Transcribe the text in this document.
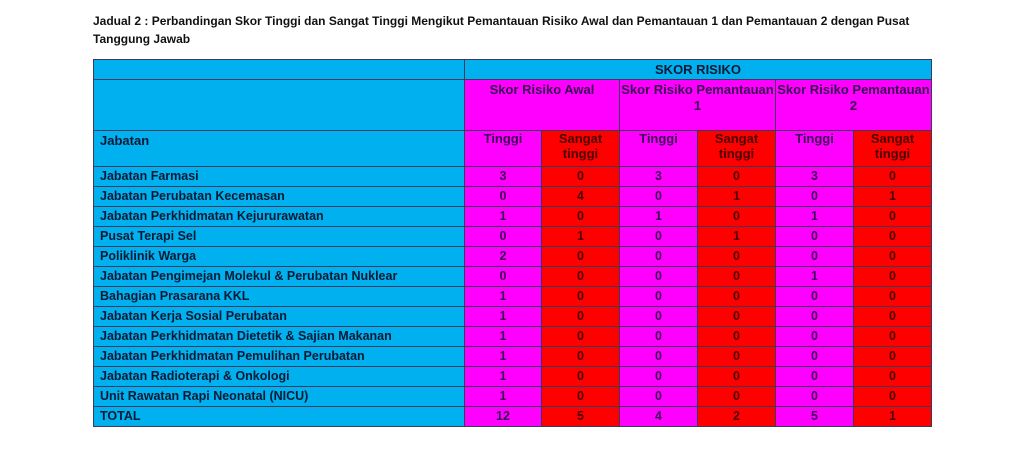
Jadual 2 : Perbandingan Skor Tinggi dan Sangat Tinggi Mengikut Pemantauan Risiko Awal dan Pemantauan 1 dan Pemantauan 2 dengan Pusat Tanggung Jawab
	SKOR RISIKO					
	Skor Risiko Awal		Skor Risiko Pemantauan 1		Skor Risiko Pemantauan 2	
Jabatan	Tinggi	Sangat tinggi	Tinggi	Sangat tinggi	Tinggi	Sangat tinggi
Jabatan Farmasi	3	0	3	0	3	0
Jabatan Perubatan Kecemasan	0	4	0	1	0	1
Jabatan Perkhidmatan Kejururawatan	1	0	1	0	1	0
Pusat Terapi Sel	0	1	0	1	0	0
Poliklinik Warga	2	0	0	0	0	0
Jabatan Pengimejan Molekul & Perubatan Nuklear	0	0	0	0	1	0
Bahagian Prasarana KKL	1	0	0	0	0	0
Jabatan Kerja Sosial Perubatan	1	0	0	0	0	0
Jabatan Perkhidmatan Dietetik & Sajian Makanan	1	0	0	0	0	0
Jabatan Perkhidmatan Pemulihan Perubatan	1	0	0	0	0	0
Jabatan Radioterapi & Onkologi	1	0	0	0	0	0
Unit Rawatan Rapi Neonatal (NICU)	1	0	0	0	0	0
TOTAL	12	5	4	2	5	1
